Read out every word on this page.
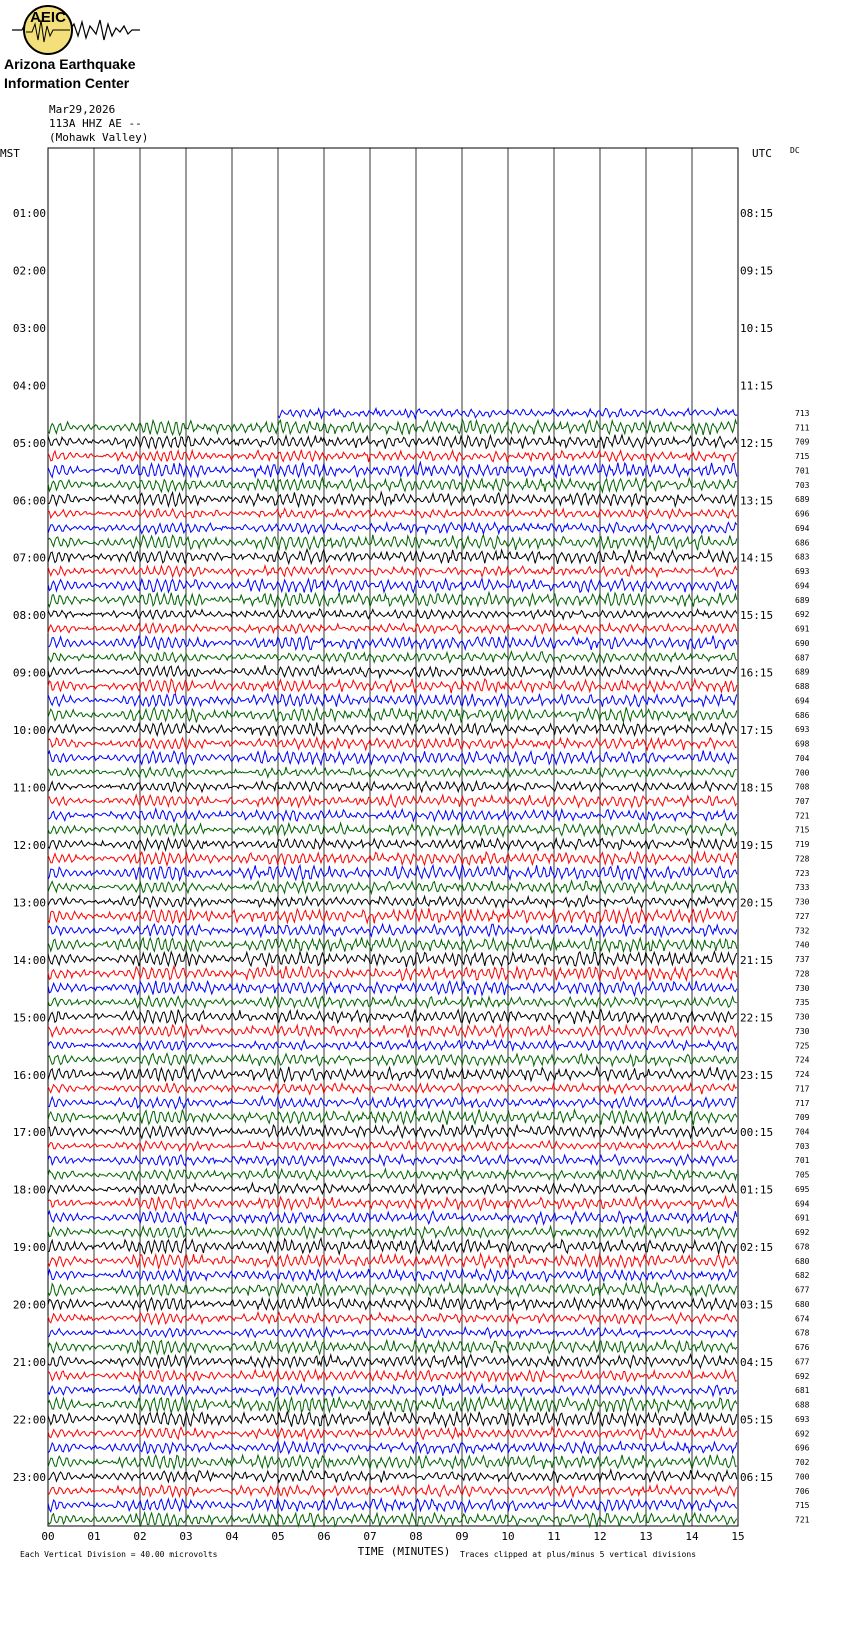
AEIC
Arizona Earthquake
Information Center
Mar29,2026
113A HHZ AE --
(Mohawk Valley)
00	01	02	03	04	05	06	07	08	09	10	11	12	13	14	15
MST	UTC DC
TIME (MINUTES)
01:00
02:00
03:00
04:00
05:00
06:00
07:00
08:00
09:00
10:00
11:00
12:00
13:00
14:00
15:00
16:00
17:00
18:00
19:00
20:00
21:00
22:00
23:00
08:15
09:15
10:15
11:15
12:15
13:15
14:15
15:15
16:15
17:15
18:15
19:15
20:15
21:15
22:15
23:15
00:15
01:15
02:15
03:15
04:15
05:15
06:15
713
711
709
715
701
703
689
696
694
686
683
693
694
689
692
691
690
687
689
688
694
686
693
698
704
700
708
707
721
715
719
728
723
733
730
727
732
740
737
728
730
735
730
730
725
724
724
717
717
709
704
703
701
705
695
694
691
692
678
680
682
677
680
674
678
676
677
692
681
688
693
692
696
702
700
706
715
721
Each Vertical Division = 40.00 microvolts	Traces clipped at plus/minus 5 vertical divisions
